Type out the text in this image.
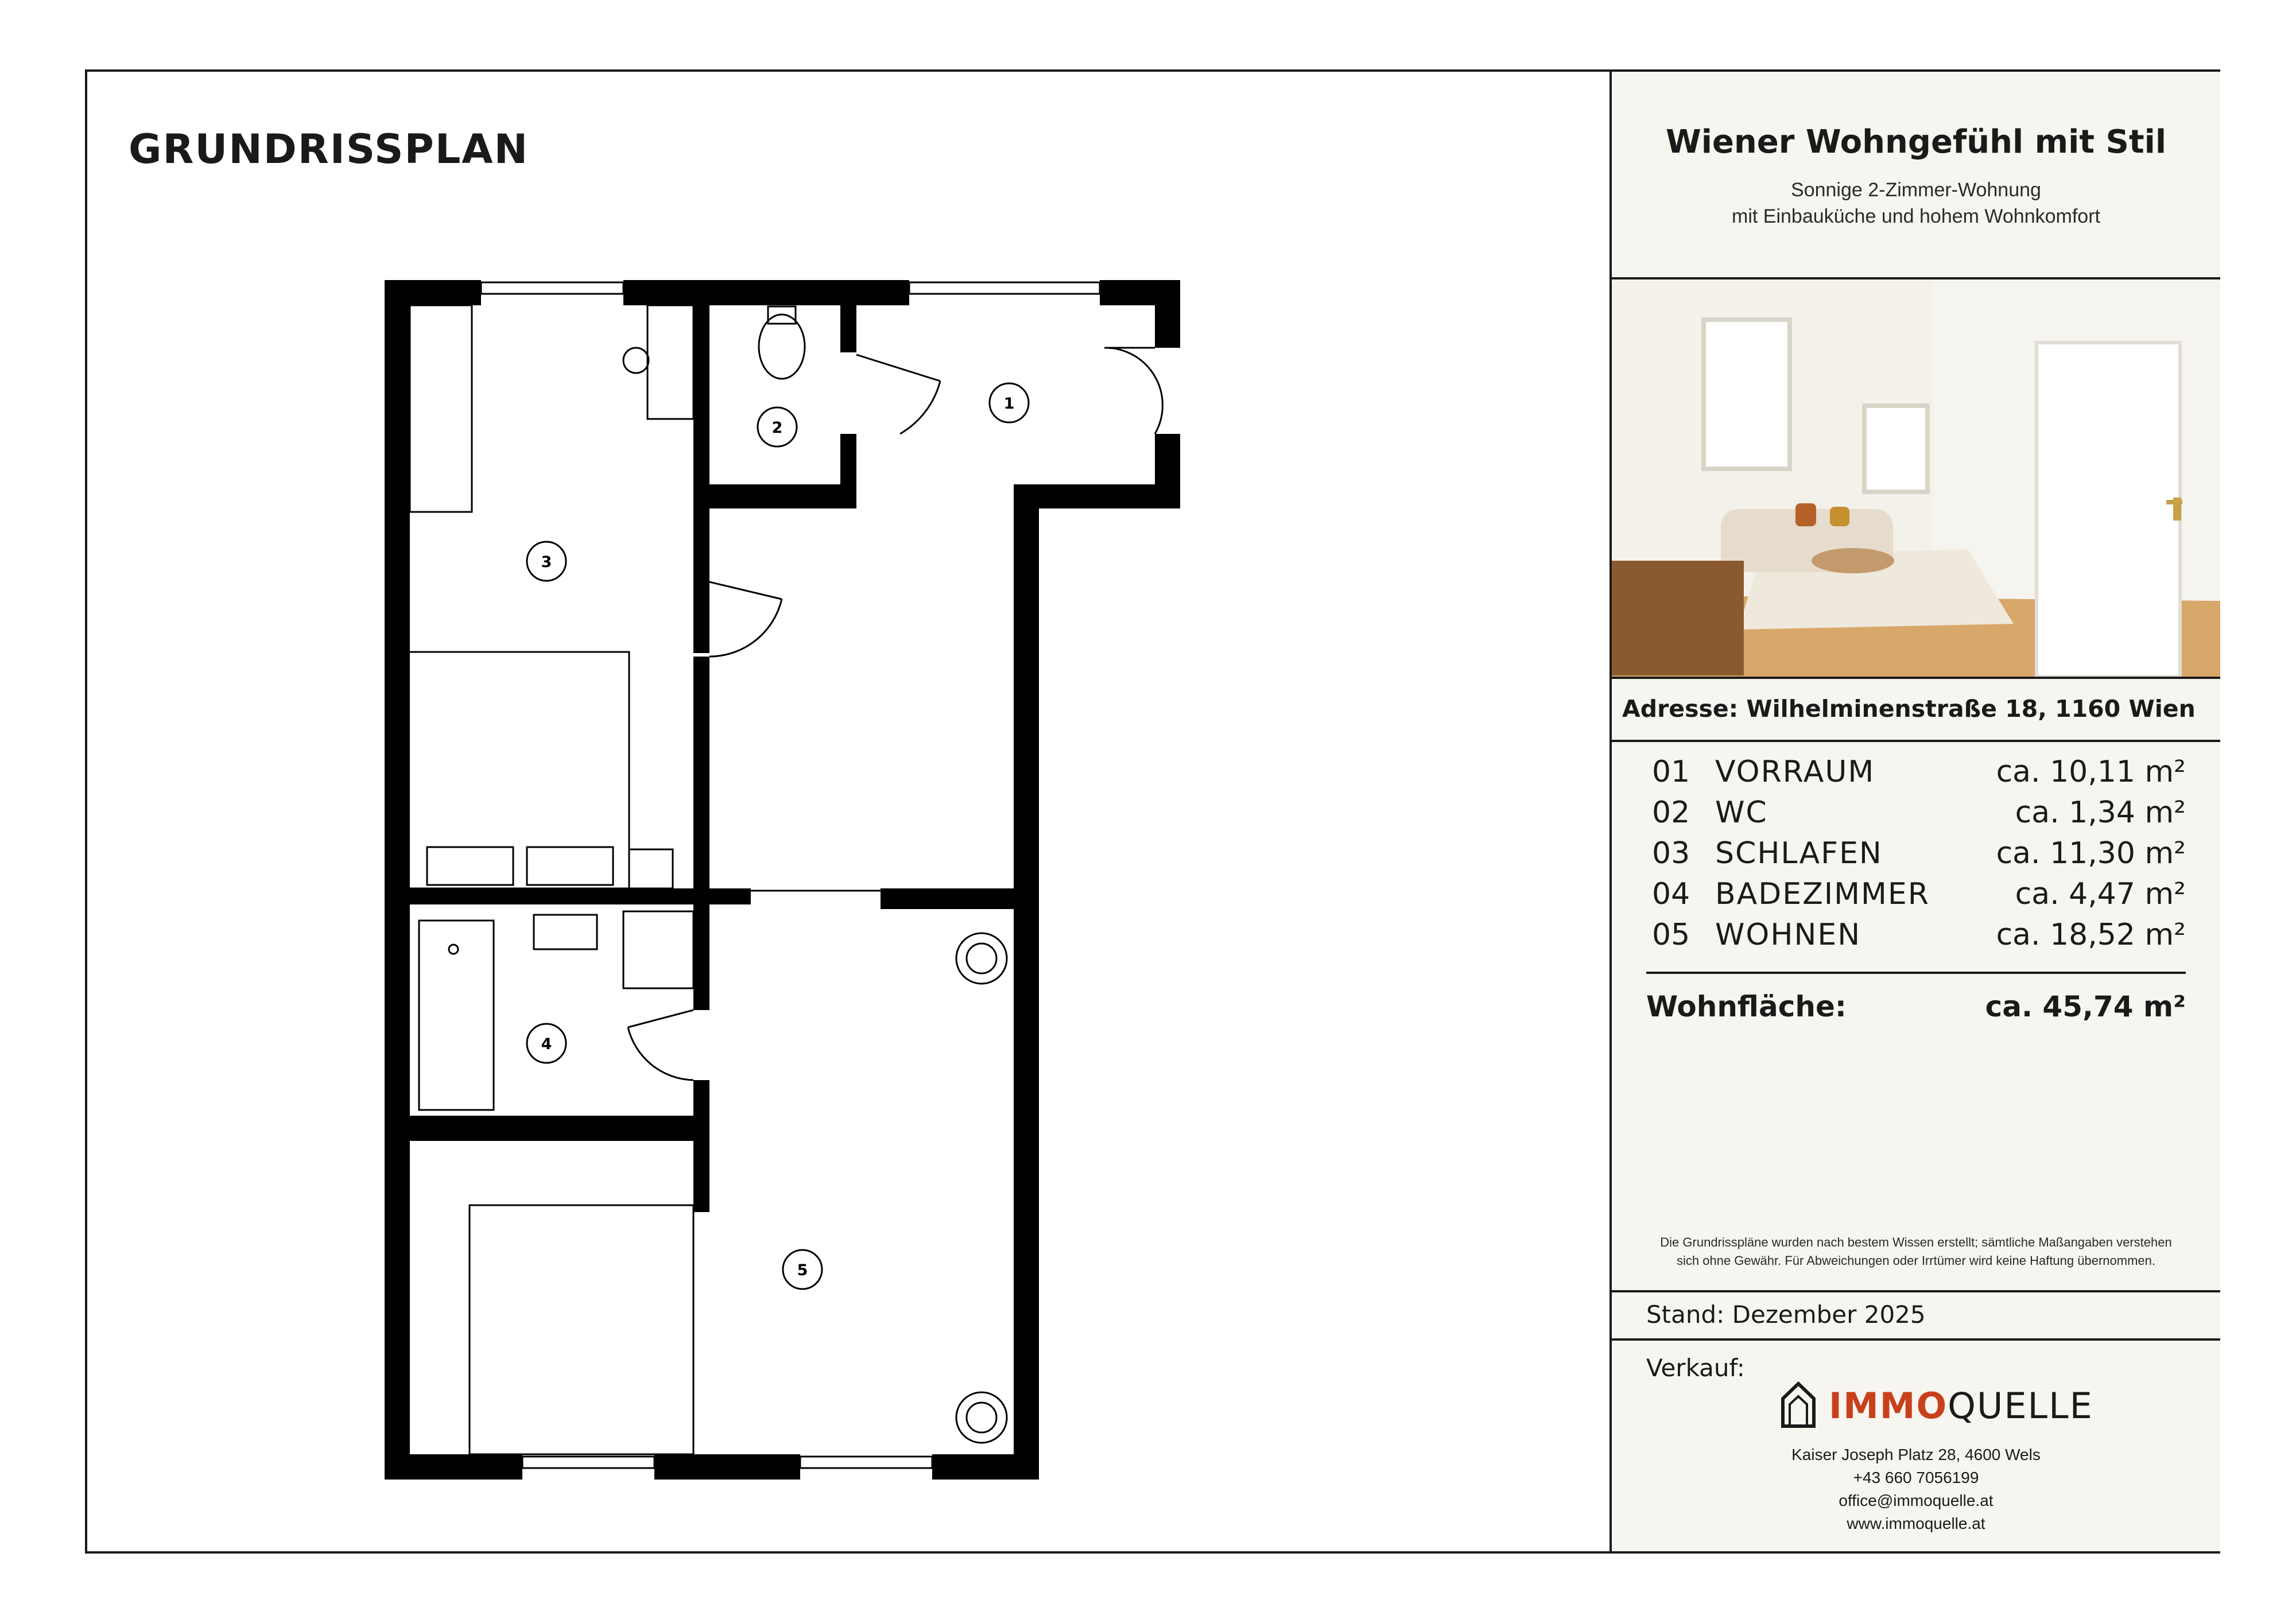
GRUNDRISSPLAN
1
2
3
4
5
Wiener Wohngefühl mit Stil
Sonnige 2-Zimmer-Wohnung
mit Einbauküche und hohem Wohnkomfort
Adresse: Wilhelminenstraße 18, 1160 Wien
01 VORRAUM	ca. 10,11 m²
02 WC	ca. 1,34 m²
03 SCHLAFEN	ca. 11,30 m²
04 BADEZIMMER	ca. 4,47 m²
05 WOHNEN	ca. 18,52 m²
Wohnfläche:	ca. 45,74 m²
Die Grundrisspläne wurden nach bestem Wissen erstellt; sämtliche Maßangaben verstehen
sich ohne Gewähr. Für Abweichungen oder Irrtümer wird keine Haftung übernommen.
Stand: Dezember 2025
Verkauf:
IMMOQUELLE
Kaiser Joseph Platz 28, 4600 Wels
+43 660 7056199
office@immoquelle.at
www.immoquelle.at
